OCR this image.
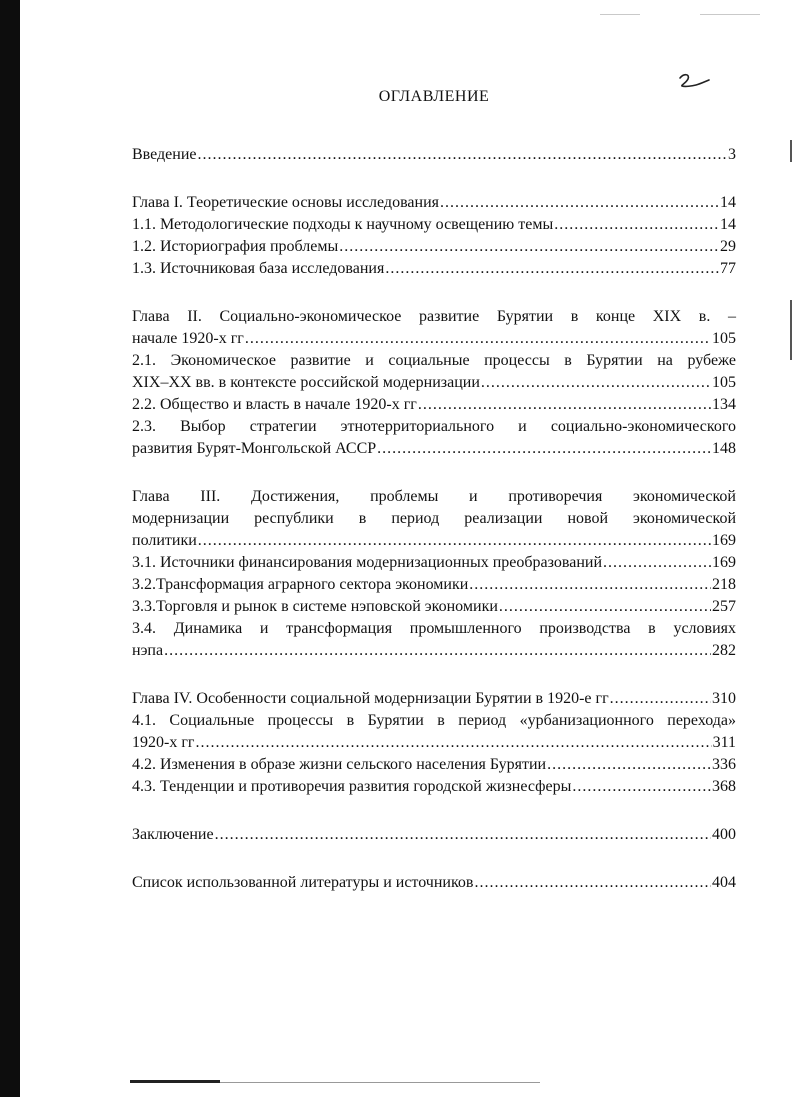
ОГЛАВЛЕНИЕ
Введение .....	3
Глава I. Теоретические основы исследования .....	14
1.1. Методологические подходы к научному освещению темы .....	14
1.2. Историография проблемы .....	29
1.3. Источниковая база исследования .....	77
Глава II. Социально-экономическое развитие Бурятии в конце XIX в. –
начале 1920-х гг .....	105
2.1. Экономическое развитие и социальные процессы в Бурятии на рубеже
XIX–XX вв. в контексте российской модернизации .....	105
2.2. Общество и власть в начале 1920-х гг .....	134
2.3. Выбор стратегии этнотерриториального и социально-экономического
развития Бурят-Монгольской АССР .....	148
Глава III. Достижения, проблемы и противоречия экономической
модернизации республики в период реализации новой экономической
политики .....	169
3.1. Источники финансирования модернизационных преобразований .....	169
3.2.Трансформация аграрного сектора экономики .....	218
3.3.Торговля и рынок в системе нэповской экономики .....	257
3.4. Динамика и трансформация промышленного производства в условиях
нэпа .....	282
Глава IV. Особенности социальной модернизации Бурятии в 1920-е гг .....	310
4.1. Социальные процессы в Бурятии в период «урбанизационного перехода»
1920-х гг .....	311
4.2. Изменения в образе жизни сельского населения Бурятии .....	336
4.3. Тенденции и противоречия развития городской жизнесферы .....	368
Заключение .....	400
Список использованной литературы и источников .....	404
